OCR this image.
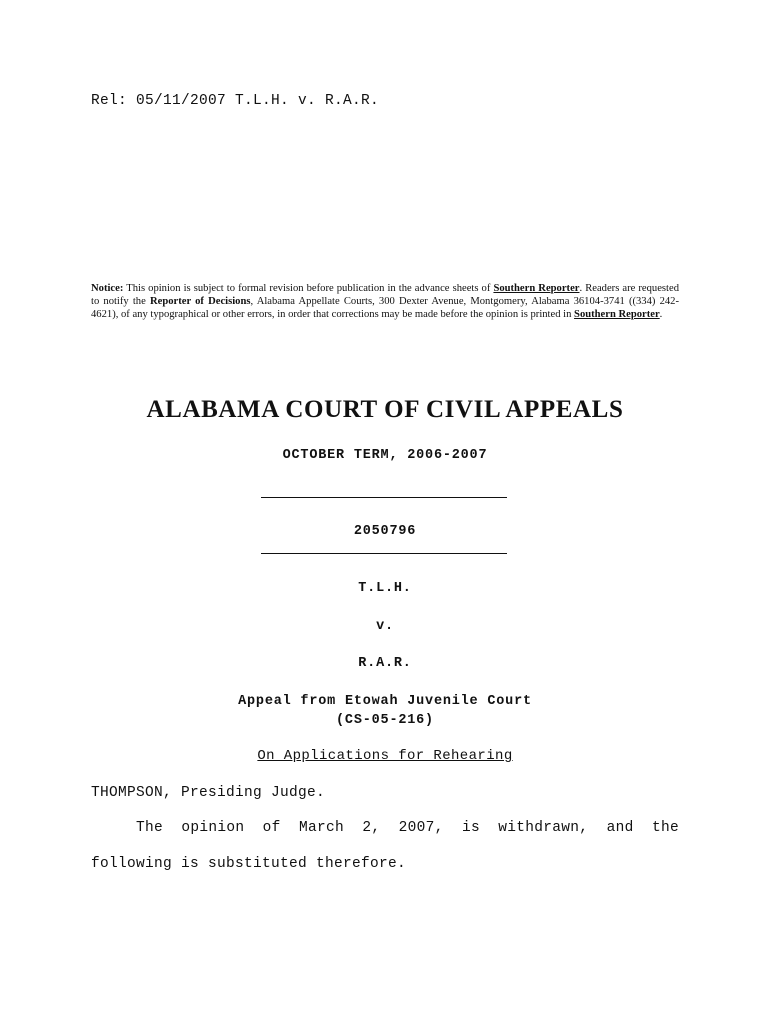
Rel: 05/11/2007 T.L.H. v. R.A.R.
Notice: This opinion is subject to formal revision before publication in the advance sheets of Southern Reporter. Readers are requested to notify the Reporter of Decisions, Alabama Appellate Courts, 300 Dexter Avenue, Montgomery, Alabama 36104-3741 ((334) 242-4621), of any typographical or other errors, in order that corrections may be made before the opinion is printed in Southern Reporter.
ALABAMA COURT OF CIVIL APPEALS
OCTOBER TERM, 2006-2007
2050796
T.L.H.
v.
R.A.R.
Appeal from Etowah Juvenile Court
(CS-05-216)
On Applications for Rehearing
THOMPSON, Presiding Judge.
The opinion of March 2, 2007, is withdrawn, and the
following is substituted therefore.
